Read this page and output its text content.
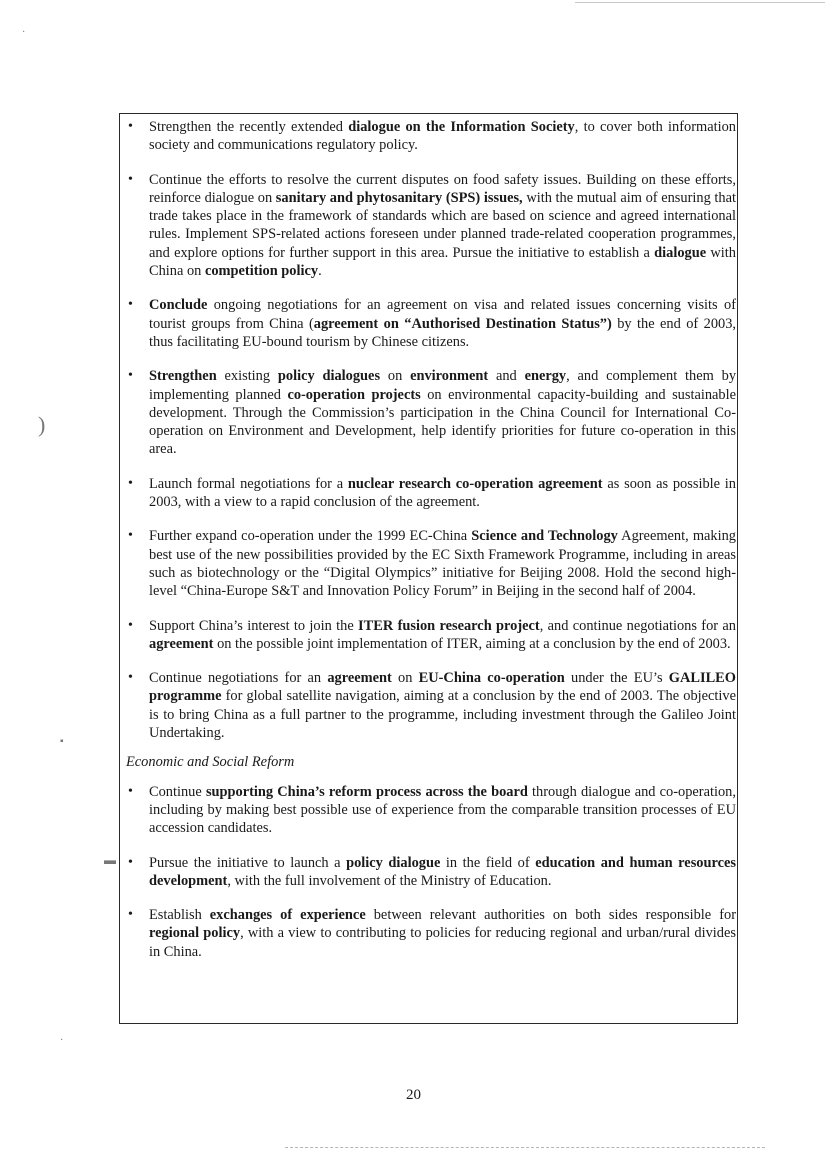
·
)
▪
▬
·
• Strengthen the recently extended dialogue on the Information Society, to cover both information society and communications regulatory policy.
• Continue the efforts to resolve the current disputes on food safety issues. Building on these efforts, reinforce dialogue on sanitary and phytosanitary (SPS) issues, with the mutual aim of ensuring that trade takes place in the framework of standards which are based on science and agreed international rules. Implement SPS-related actions foreseen under planned trade-related cooperation programmes, and explore options for further support in this area. Pursue the initiative to establish a dialogue with China on competition policy.
• Conclude ongoing negotiations for an agreement on visa and related issues concerning visits of tourist groups from China (agreement on “Authorised Destination Status”) by the end of 2003, thus facilitating EU-bound tourism by Chinese citizens.
• Strengthen existing policy dialogues on environment and energy, and complement them by implementing planned co-operation projects on environmental capacity-building and sustainable development. Through the Commission’s participation in the China Council for International Co-operation on Environment and Development, help identify priorities for future co-operation in this area.
• Launch formal negotiations for a nuclear research co-operation agreement as soon as possible in 2003, with a view to a rapid conclusion of the agreement.
• Further expand co-operation under the 1999 EC-China Science and Technology Agreement, making best use of the new possibilities provided by the EC Sixth Framework Programme, including in areas such as biotechnology or the “Digital Olympics” initiative for Beijing 2008. Hold the second high-level “China-Europe S&T and Innovation Policy Forum” in Beijing in the second half of 2004.
• Support China’s interest to join the ITER fusion research project, and continue negotiations for an agreement on the possible joint implementation of ITER, aiming at a conclusion by the end of 2003.
• Continue negotiations for an agreement on EU-China co-operation under the EU’s GALILEO programme for global satellite navigation, aiming at a conclusion by the end of 2003. The objective is to bring China as a full partner to the programme, including investment through the Galileo Joint Undertaking.
Economic and Social Reform
• Continue supporting China’s reform process across the board through dialogue and co-operation, including by making best possible use of experience from the comparable transition processes of EU accession candidates.
• Pursue the initiative to launch a policy dialogue in the field of education and human resources development, with the full involvement of the Ministry of Education.
• Establish exchanges of experience between relevant authorities on both sides responsible for regional policy, with a view to contributing to policies for reducing regional and urban/rural divides in China.
20
